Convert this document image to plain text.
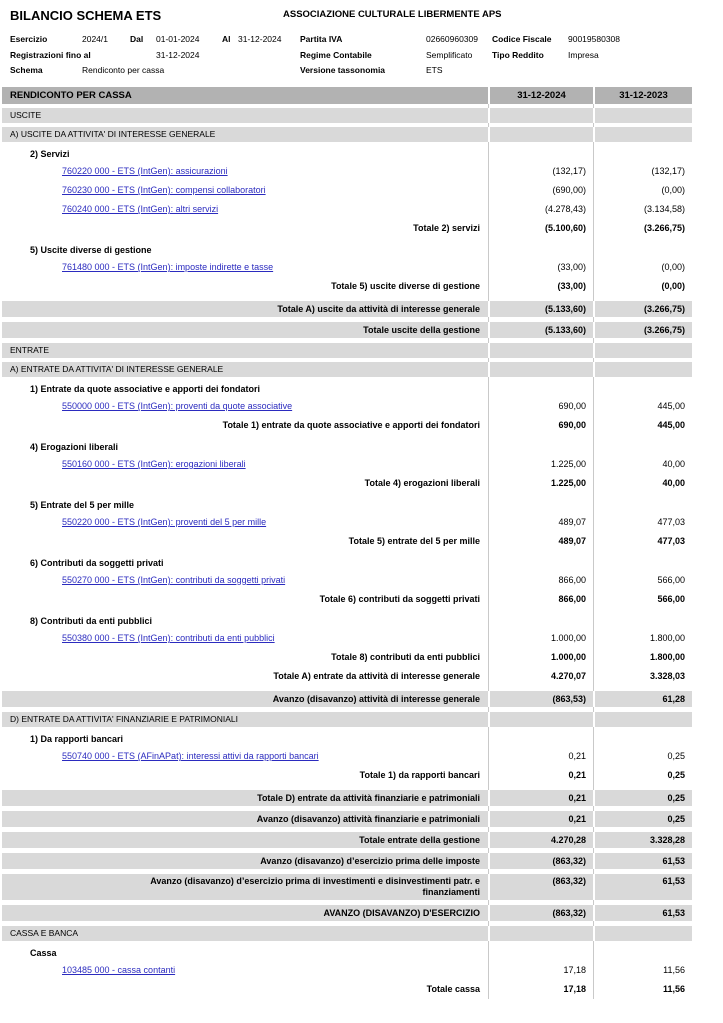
BILANCIO SCHEMA ETS	ASSOCIAZIONE CULTURALE LIBERMENTE APS
Esercizio	2024/1	Dal	01-01-2024	Al 31-12-2024
Registrazioni fino al	31-12-2024
Schema	Rendiconto per cassa
Partita IVA	02660960309	Codice Fiscale	90019580308
Regime Contabile	Semplificato	Tipo Reddito	Impresa
Versione tassonomia	ETS
RENDICONTO PER CASSA	31-12-2024	31-12-2023
USCITE
A) USCITE DA ATTIVITA' DI INTERESSE GENERALE
2) Servizi
760220 000 - ETS (IntGen): assicurazioni	(132,17)	(132,17)
760230 000 - ETS (IntGen): compensi collaboratori	(690,00)	(0,00)
760240 000 - ETS (IntGen): altri servizi	(4.278,43)	(3.134,58)
Totale 2) servizi	(5.100,60)	(3.266,75)
5) Uscite diverse di gestione
761480 000 - ETS (IntGen): imposte indirette e tasse	(33,00)	(0,00)
Totale 5) uscite diverse di gestione	(33,00)	(0,00)
Totale A) uscite da attività di interesse generale	(5.133,60)	(3.266,75)
Totale uscite della gestione	(5.133,60)	(3.266,75)
ENTRATE
A) ENTRATE DA ATTIVITA' DI INTERESSE GENERALE
1) Entrate da quote associative e apporti dei fondatori
550000 000 - ETS (IntGen): proventi da quote associative	690,00	445,00
Totale 1) entrate da quote associative e apporti dei fondatori	690,00	445,00
4) Erogazioni liberali
550160 000 - ETS (IntGen): erogazioni liberali	1.225,00	40,00
Totale 4) erogazioni liberali	1.225,00	40,00
5) Entrate del 5 per mille
550220 000 - ETS (IntGen): proventi del 5 per mille	489,07	477,03
Totale 5) entrate del 5 per mille	489,07	477,03
6) Contributi da soggetti privati
550270 000 - ETS (IntGen): contributi da soggetti privati	866,00	566,00
Totale 6) contributi da soggetti privati	866,00	566,00
8) Contributi da enti pubblici
550380 000 - ETS (IntGen): contributi da enti pubblici	1.000,00	1.800,00
Totale 8) contributi da enti pubblici	1.000,00	1.800,00
Totale A) entrate da attività di interesse generale	4.270,07	3.328,03
Avanzo (disavanzo) attività di interesse generale	(863,53)	61,28
D) ENTRATE DA ATTIVITA' FINANZIARIE E PATRIMONIALI
1) Da rapporti bancari
550740 000 - ETS (AFinAPat): interessi attivi da rapporti bancari	0,21	0,25
Totale 1) da rapporti bancari	0,21	0,25
Totale D) entrate da attività finanziarie e patrimoniali	0,21	0,25
Avanzo (disavanzo) attività finanziarie e patrimoniali	0,21	0,25
Totale entrate della gestione	4.270,28	3.328,28
Avanzo (disavanzo) d’esercizio prima delle imposte	(863,32)	61,53
Avanzo (disavanzo) d’esercizio prima di investimenti e disinvestimenti patr. e finanziamenti
(863,32)	61,53
AVANZO (DISAVANZO) D'ESERCIZIO	(863,32)	61,53
CASSA E BANCA
Cassa
103485 000 - cassa contanti	17,18	11,56
Totale cassa	17,18	11,56
